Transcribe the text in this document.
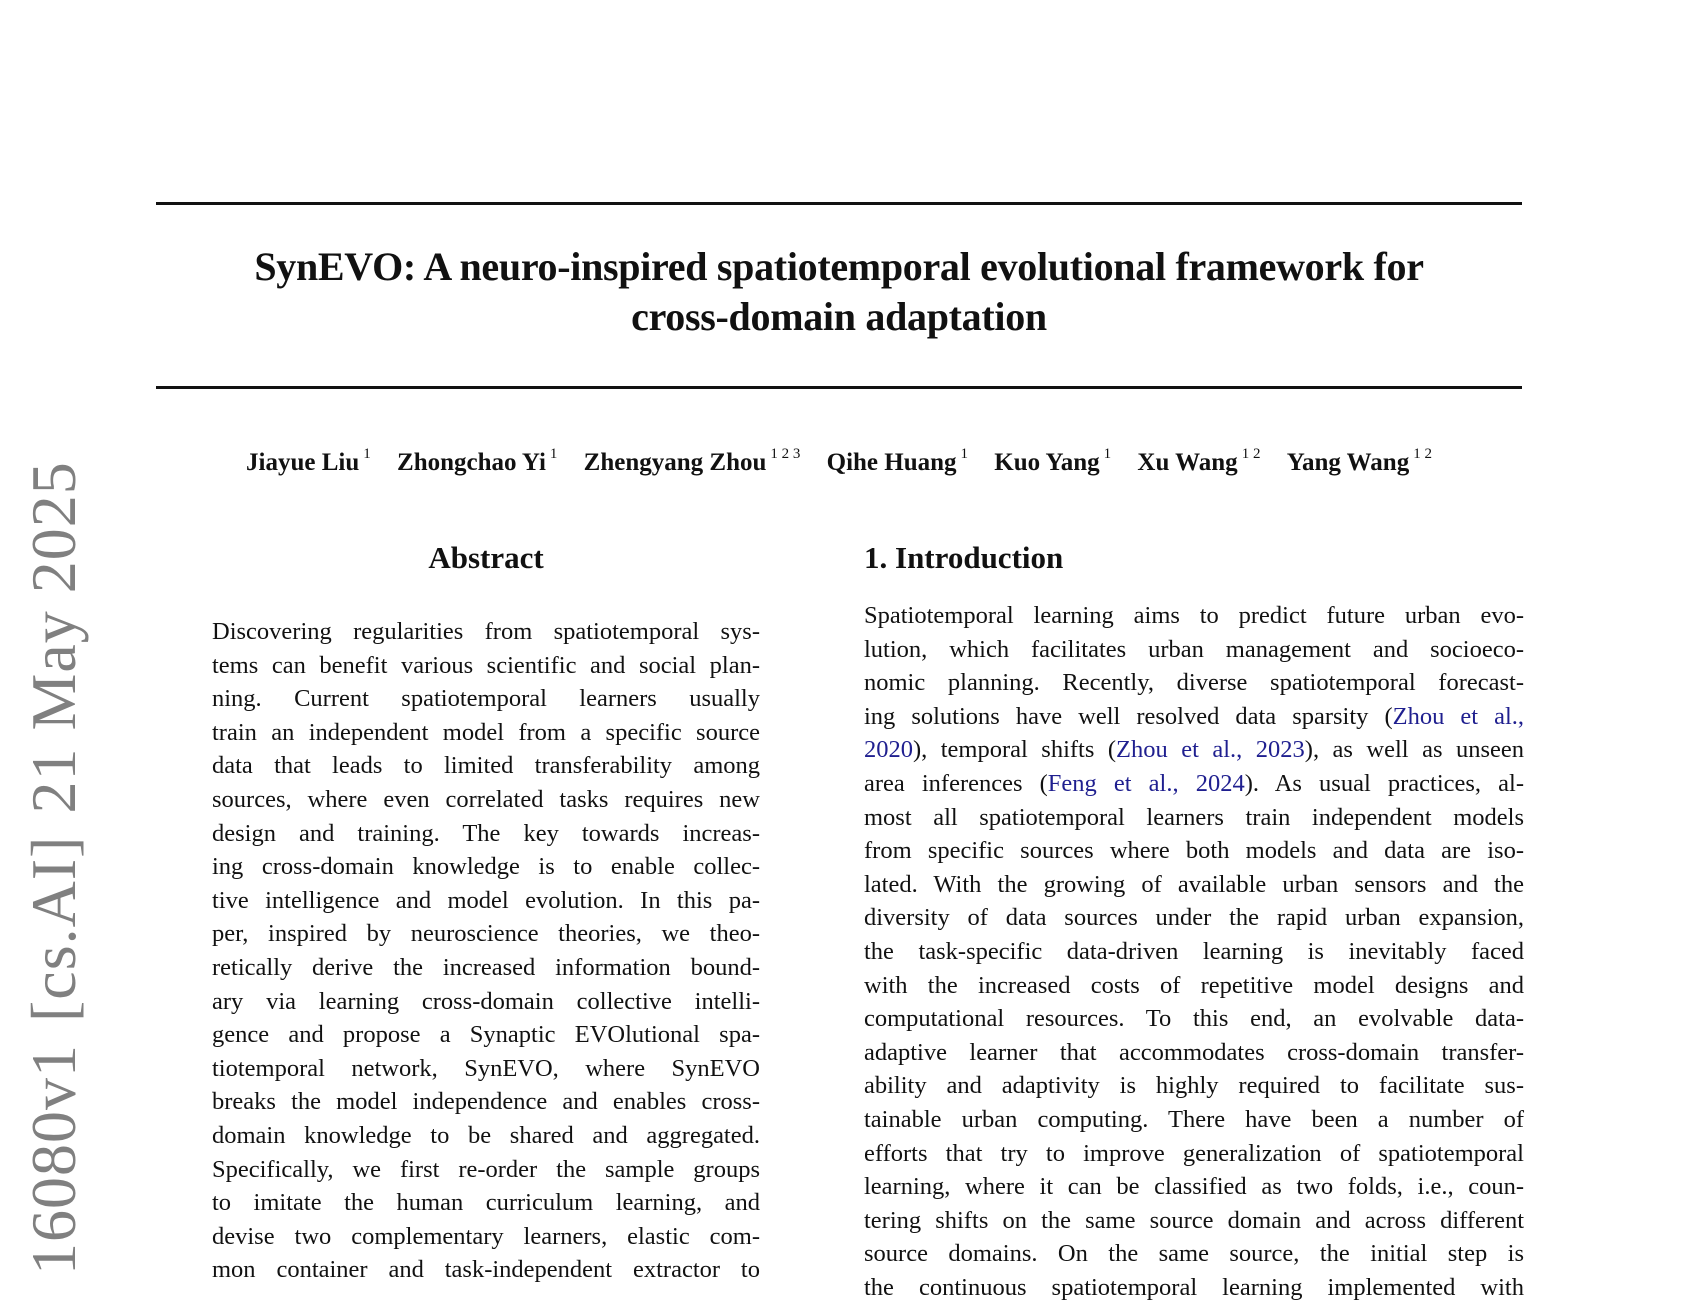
16080v1[cs.AI]21 May 2025
SynEVO: A neuro-inspired spatiotemporal evolutional framework for
cross-domain adaptation
Jiayue Liu $^1$ Zhongchao Yi $^1$ Zhengyang Zhou $^{1 2 3}$ Qihe Huang $^1$ Kuo Yang $^1$ Xu Wang $^{1 2}$ Yang Wang $^{1 2}$
Abstract
Discovering regularities from spatiotemporal sys-
tems can benefit various scientific and social plan-
ning. Current spatiotemporal learners usually
train an independent model from a specific source
data that leads to limited transferability among
sources, where even correlated tasks requires new
design and training. The key towards increas-
ing cross-domain knowledge is to enable collec-
tive intelligence and model evolution. In this pa-
per, inspired by neuroscience theories, we theo-
retically derive the increased information bound-
ary via learning cross-domain collective intelli-
gence and propose a Synaptic EVOlutional spa-
tiotemporal network, SynEVO, where SynEVO
breaks the model independence and enables cross-
domain knowledge to be shared and aggregated.
Specifically, we first re-order the sample groups
to imitate the human curriculum learning, and
devise two complementary learners, elastic com-
mon container and task-independent extractor to
1. Introduction
Spatiotemporal learning aims to predict future urban evo-
lution, which facilitates urban management and socioeco-
nomic planning. Recently, diverse spatiotemporal forecast-
ing solutions have well resolved data sparsity (Zhou et al.,
2020), temporal shifts (Zhou et al., 2023), as well as unseen
area inferences (Feng et al., 2024). As usual practices, al-
most all spatiotemporal learners train independent models
from specific sources where both models and data are iso-
lated. With the growing of available urban sensors and the
diversity of data sources under the rapid urban expansion,
the task-specific data-driven learning is inevitably faced
with the increased costs of repetitive model designs and
computational resources. To this end, an evolvable data-
adaptive learner that accommodates cross-domain transfer-
ability and adaptivity is highly required to facilitate sus-
tainable urban computing. There have been a number of
efforts that try to improve generalization of spatiotemporal
learning, where it can be classified as two folds, i.e., coun-
tering shifts on the same source domain and across different
source domains. On the same source, the initial step is
the continuous spatiotemporal learning implemented with
